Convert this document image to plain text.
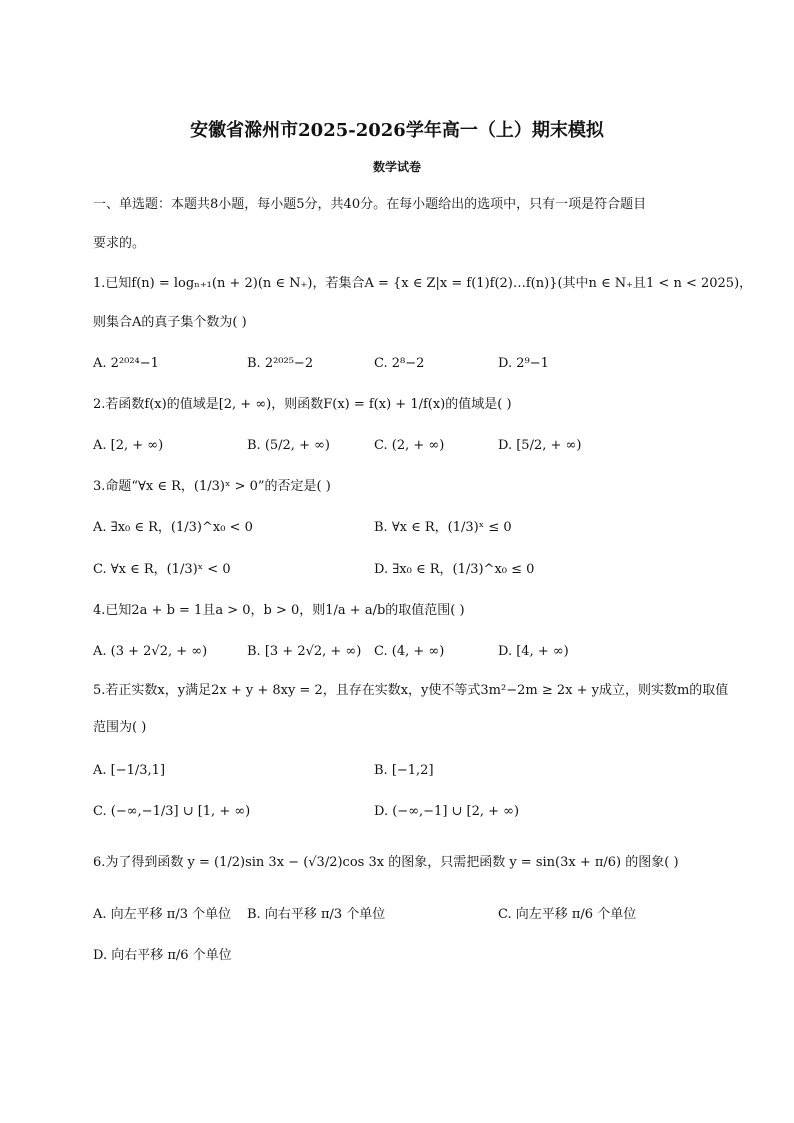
安徽省滁州市2025-2026学年高一（上）期末模拟
数学试卷
一、单选题：本题共8小题，每小题5分，共40分。在每小题给出的选项中，只有一项是符合题目
要求的。
1.已知f(n) = logₙ₊₁(n + 2)(n ∈ N₊)，若集合A = {x ∈ Z|x = f(1)f(2)…f(n)}(其中n ∈ N₊且1 < n < 2025)，
则集合A的真子集个数为( )
A. 2²⁰²⁴−1	B. 2²⁰²⁵−2	C. 2⁸−2	D. 2⁹−1
2.若函数f(x)的值域是[2, + ∞)，则函数F(x) = f(x) + 1/f(x)的值域是( )
A. [2, + ∞)	B. (5/2, + ∞)	C. (2, + ∞)	D. [5/2, + ∞)
3.命题“∀x ∈ R，(1/3)ˣ > 0”的否定是( )
A. ∃x₀ ∈ R，(1/3)^x₀ < 0	B. ∀x ∈ R，(1/3)ˣ ≤ 0
C. ∀x ∈ R，(1/3)ˣ < 0	D. ∃x₀ ∈ R，(1/3)^x₀ ≤ 0
4.已知2a + b = 1且a > 0，b > 0，则1/a + a/b的取值范围( )
A. (3 + 2√2, + ∞)	B. [3 + 2√2, + ∞) C. (4, + ∞)	D. [4, + ∞)
5.若正实数x，y满足2x + y + 8xy = 2，且存在实数x，y使不等式3m²−2m ≥ 2x + y成立，则实数m的取值
范围为( )
A. [−1/3,1]	B. [−1,2]
C. (−∞,−1/3] ∪ [1, + ∞)	D. (−∞,−1] ∪ [2, + ∞)
6.为了得到函数 y = (1/2)sin 3x − (√3/2)cos 3x 的图象，只需把函数 y = sin(3x + π/6) 的图象( )
A. 向左平移 π/3 个单位 B. 向右平移 π/3 个单位	C. 向左平移 π/6 个单位
D. 向右平移 π/6 个单位
